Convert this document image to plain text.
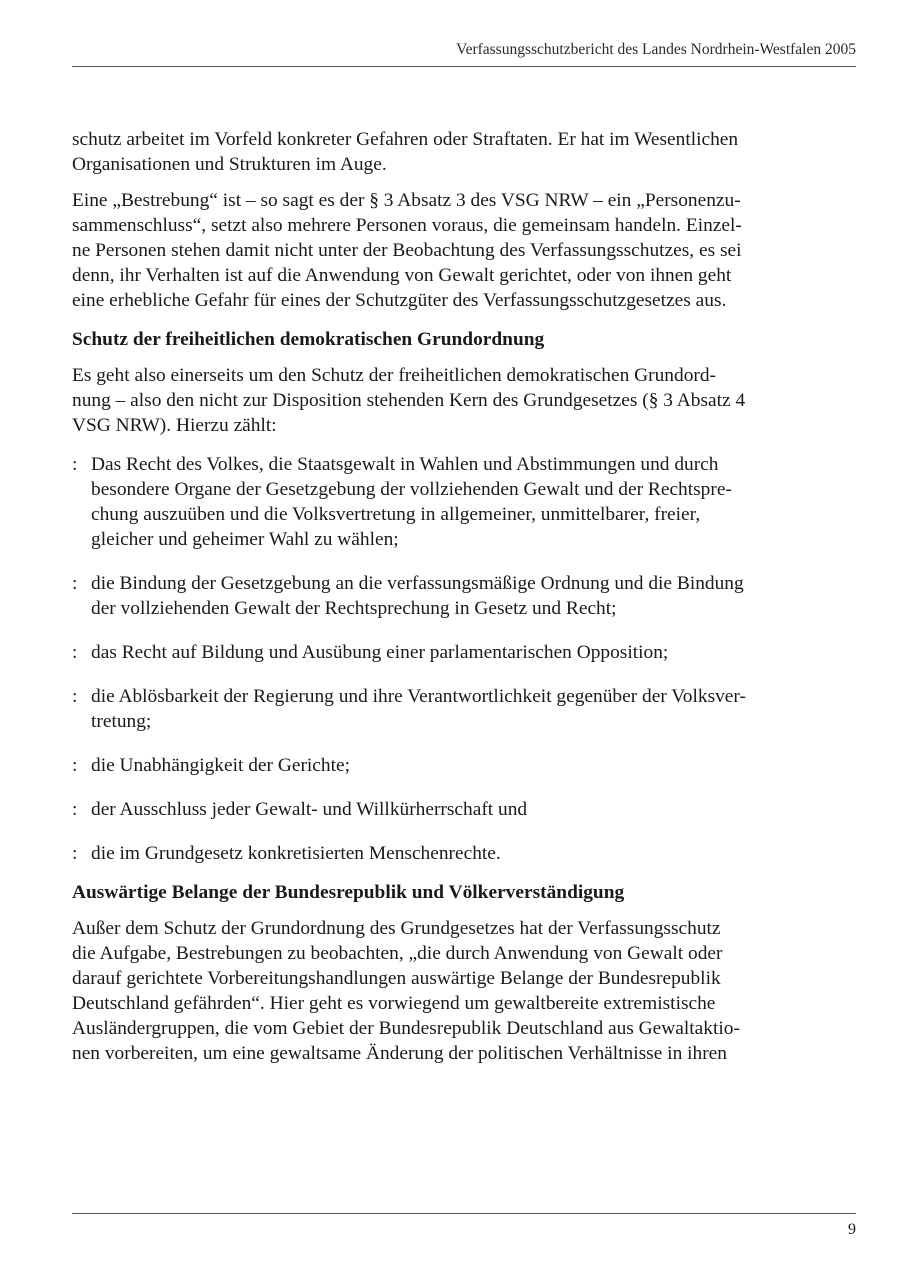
Verfassungsschutzbericht des Landes Nordrhein-Westfalen 2005

schutz arbeitet im Vorfeld konkreter Gefahren oder Straftaten. Er hat im Wesentlichen
Organisationen und Strukturen im Auge.

Eine „Bestrebung“ ist – so sagt es der § 3 Absatz 3 des VSG NRW – ein „Personenzu-
sammenschluss“, setzt also mehrere Personen voraus, die gemeinsam handeln. Einzel-
ne Personen stehen damit nicht unter der Beobachtung des Verfassungsschutzes, es sei
denn, ihr Verhalten ist auf die Anwendung von Gewalt gerichtet, oder von ihnen geht
eine erhebliche Gefahr für eines der Schutzgüter des Verfassungsschutzgesetzes aus.

Schutz der freiheitlichen demokratischen Grundordnung

Es geht also einerseits um den Schutz der freiheitlichen demokratischen Grundord-
nung – also den nicht zur Disposition stehenden Kern des Grundgesetzes (§ 3 Absatz 4
VSG NRW). Hierzu zählt:

: Das Recht des Volkes, die Staatsgewalt in Wahlen und Abstimmungen und durch
besondere Organe der Gesetzgebung der vollziehenden Gewalt und der Rechtspre-
chung auszuüben und die Volksvertretung in allgemeiner, unmittelbarer, freier,
gleicher und geheimer Wahl zu wählen;
: die Bindung der Gesetzgebung an die verfassungsmäßige Ordnung und die Bindung
der vollziehenden Gewalt der Rechtsprechung in Gesetz und Recht;
: das Recht auf Bildung und Ausübung einer parlamentarischen Opposition;
: die Ablösbarkeit der Regierung und ihre Verantwortlichkeit gegenüber der Volksver-
tretung;
: die Unabhängigkeit der Gerichte;
: der Ausschluss jeder Gewalt- und Willkürherrschaft und
: die im Grundgesetz konkretisierten Menschenrechte.
Auswärtige Belange der Bundesrepublik und Völkerverständigung

Außer dem Schutz der Grundordnung des Grundgesetzes hat der Verfassungsschutz
die Aufgabe, Bestrebungen zu beobachten, „die durch Anwendung von Gewalt oder
darauf gerichtete Vorbereitungshandlungen auswärtige Belange der Bundesrepublik
Deutschland gefährden“. Hier geht es vorwiegend um gewaltbereite extremistische
Ausländergruppen, die vom Gebiet der Bundesrepublik Deutschland aus Gewaltaktio-
nen vorbereiten, um eine gewaltsame Änderung der politischen Verhältnisse in ihren

9
